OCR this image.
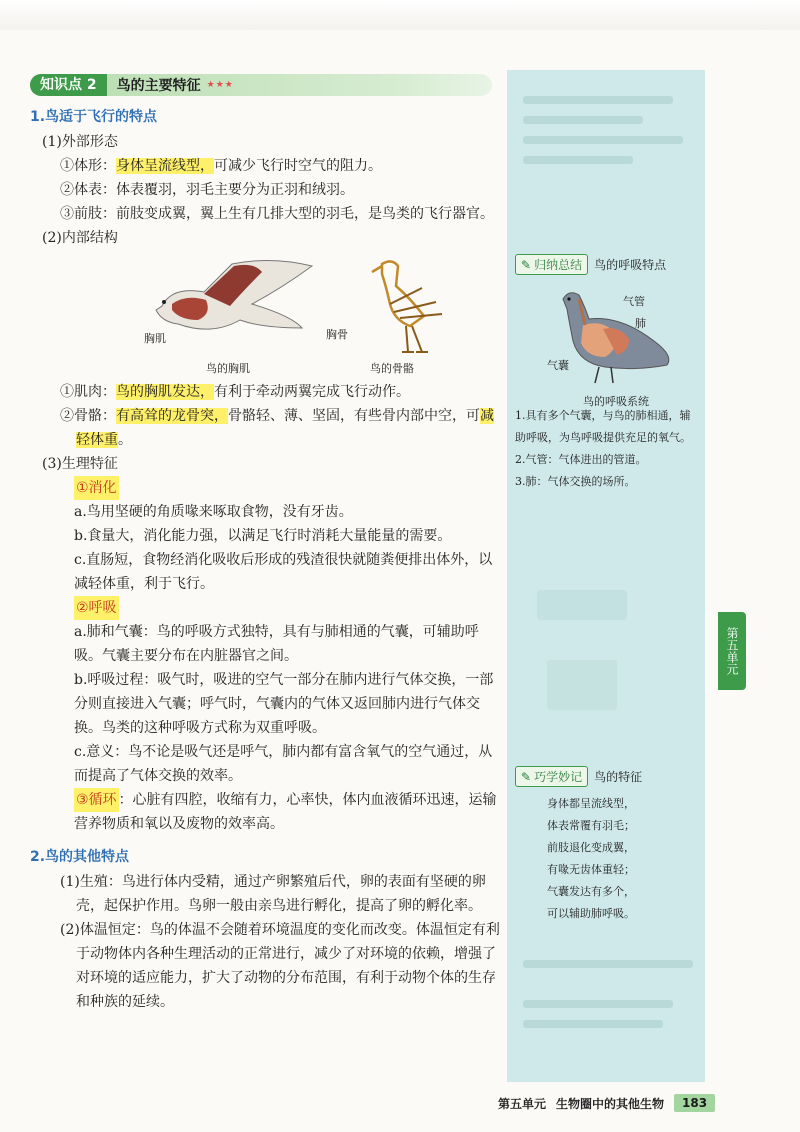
知识点 2	鸟的主要特征 ★★★
1.鸟适于飞行的特点
(1)外部形态
①体形：身体呈流线型，可减少飞行时空气的阻力。
②体表：体表覆羽，羽毛主要分为正羽和绒羽。
③前肢：前肢变成翼，翼上生有几排大型的羽毛，是鸟类的飞行器官。
(2)内部结构
胸肌
鸟的胸肌
胸骨
鸟的骨骼
①肌肉：鸟的胸肌发达，有利于牵动两翼完成飞行动作。
②骨骼：有高耸的龙骨突，骨骼轻、薄、坚固，有些骨内部中空，可减轻体重。
(3)生理特征
①消化
a.鸟用坚硬的角质喙来啄取食物，没有牙齿。
b.食量大，消化能力强，以满足飞行时消耗大量能量的需要。
c.直肠短，食物经消化吸收后形成的残渣很快就随粪便排出体外，以减轻体重，利于飞行。
②呼吸
a.肺和气囊：鸟的呼吸方式独特，具有与肺相通的气囊，可辅助呼吸。气囊主要分布在内脏器官之间。
b.呼吸过程：吸气时，吸进的空气一部分在肺内进行气体交换，一部分则直接进入气囊；呼气时，气囊内的气体又返回肺内进行气体交换。鸟类的这种呼吸方式称为双重呼吸。
c.意义：鸟不论是吸气还是呼气，肺内都有富含氧气的空气通过，从而提高了气体交换的效率。
③循环 ：心脏有四腔，收缩有力，心率快，体内血液循环迅速，运输营养物质和氧以及废物的效率高。
2.鸟的其他特点
(1)生殖：鸟进行体内受精，通过产卵繁殖后代，卵的表面有坚硬的卵壳，起保护作用。鸟卵一般由亲鸟进行孵化，提高了卵的孵化率。
(2)体温恒定：鸟的体温不会随着环境温度的变化而改变。体温恒定有利于动物体内各种生理活动的正常进行，减少了对环境的依赖，增强了对环境的适应能力，扩大了动物的分布范围，有利于动物个体的生存和种族的延续。
✎ 归纳总结 鸟的呼吸特点
气管
肺
气囊
鸟的呼吸系统
1.具有多个气囊，与鸟的肺相通，辅助呼吸，为鸟呼吸提供充足的氧气。
2.气管：气体进出的管道。
3.肺：气体交换的场所。
✎ 巧学妙记 鸟的特征
身体都呈流线型，
体表常覆有羽毛；
前肢退化变成翼，
有喙无齿体重轻；
气囊发达有多个，
可以辅助肺呼吸。
第五单元
第五单元 生物圈中的其他生物	183
